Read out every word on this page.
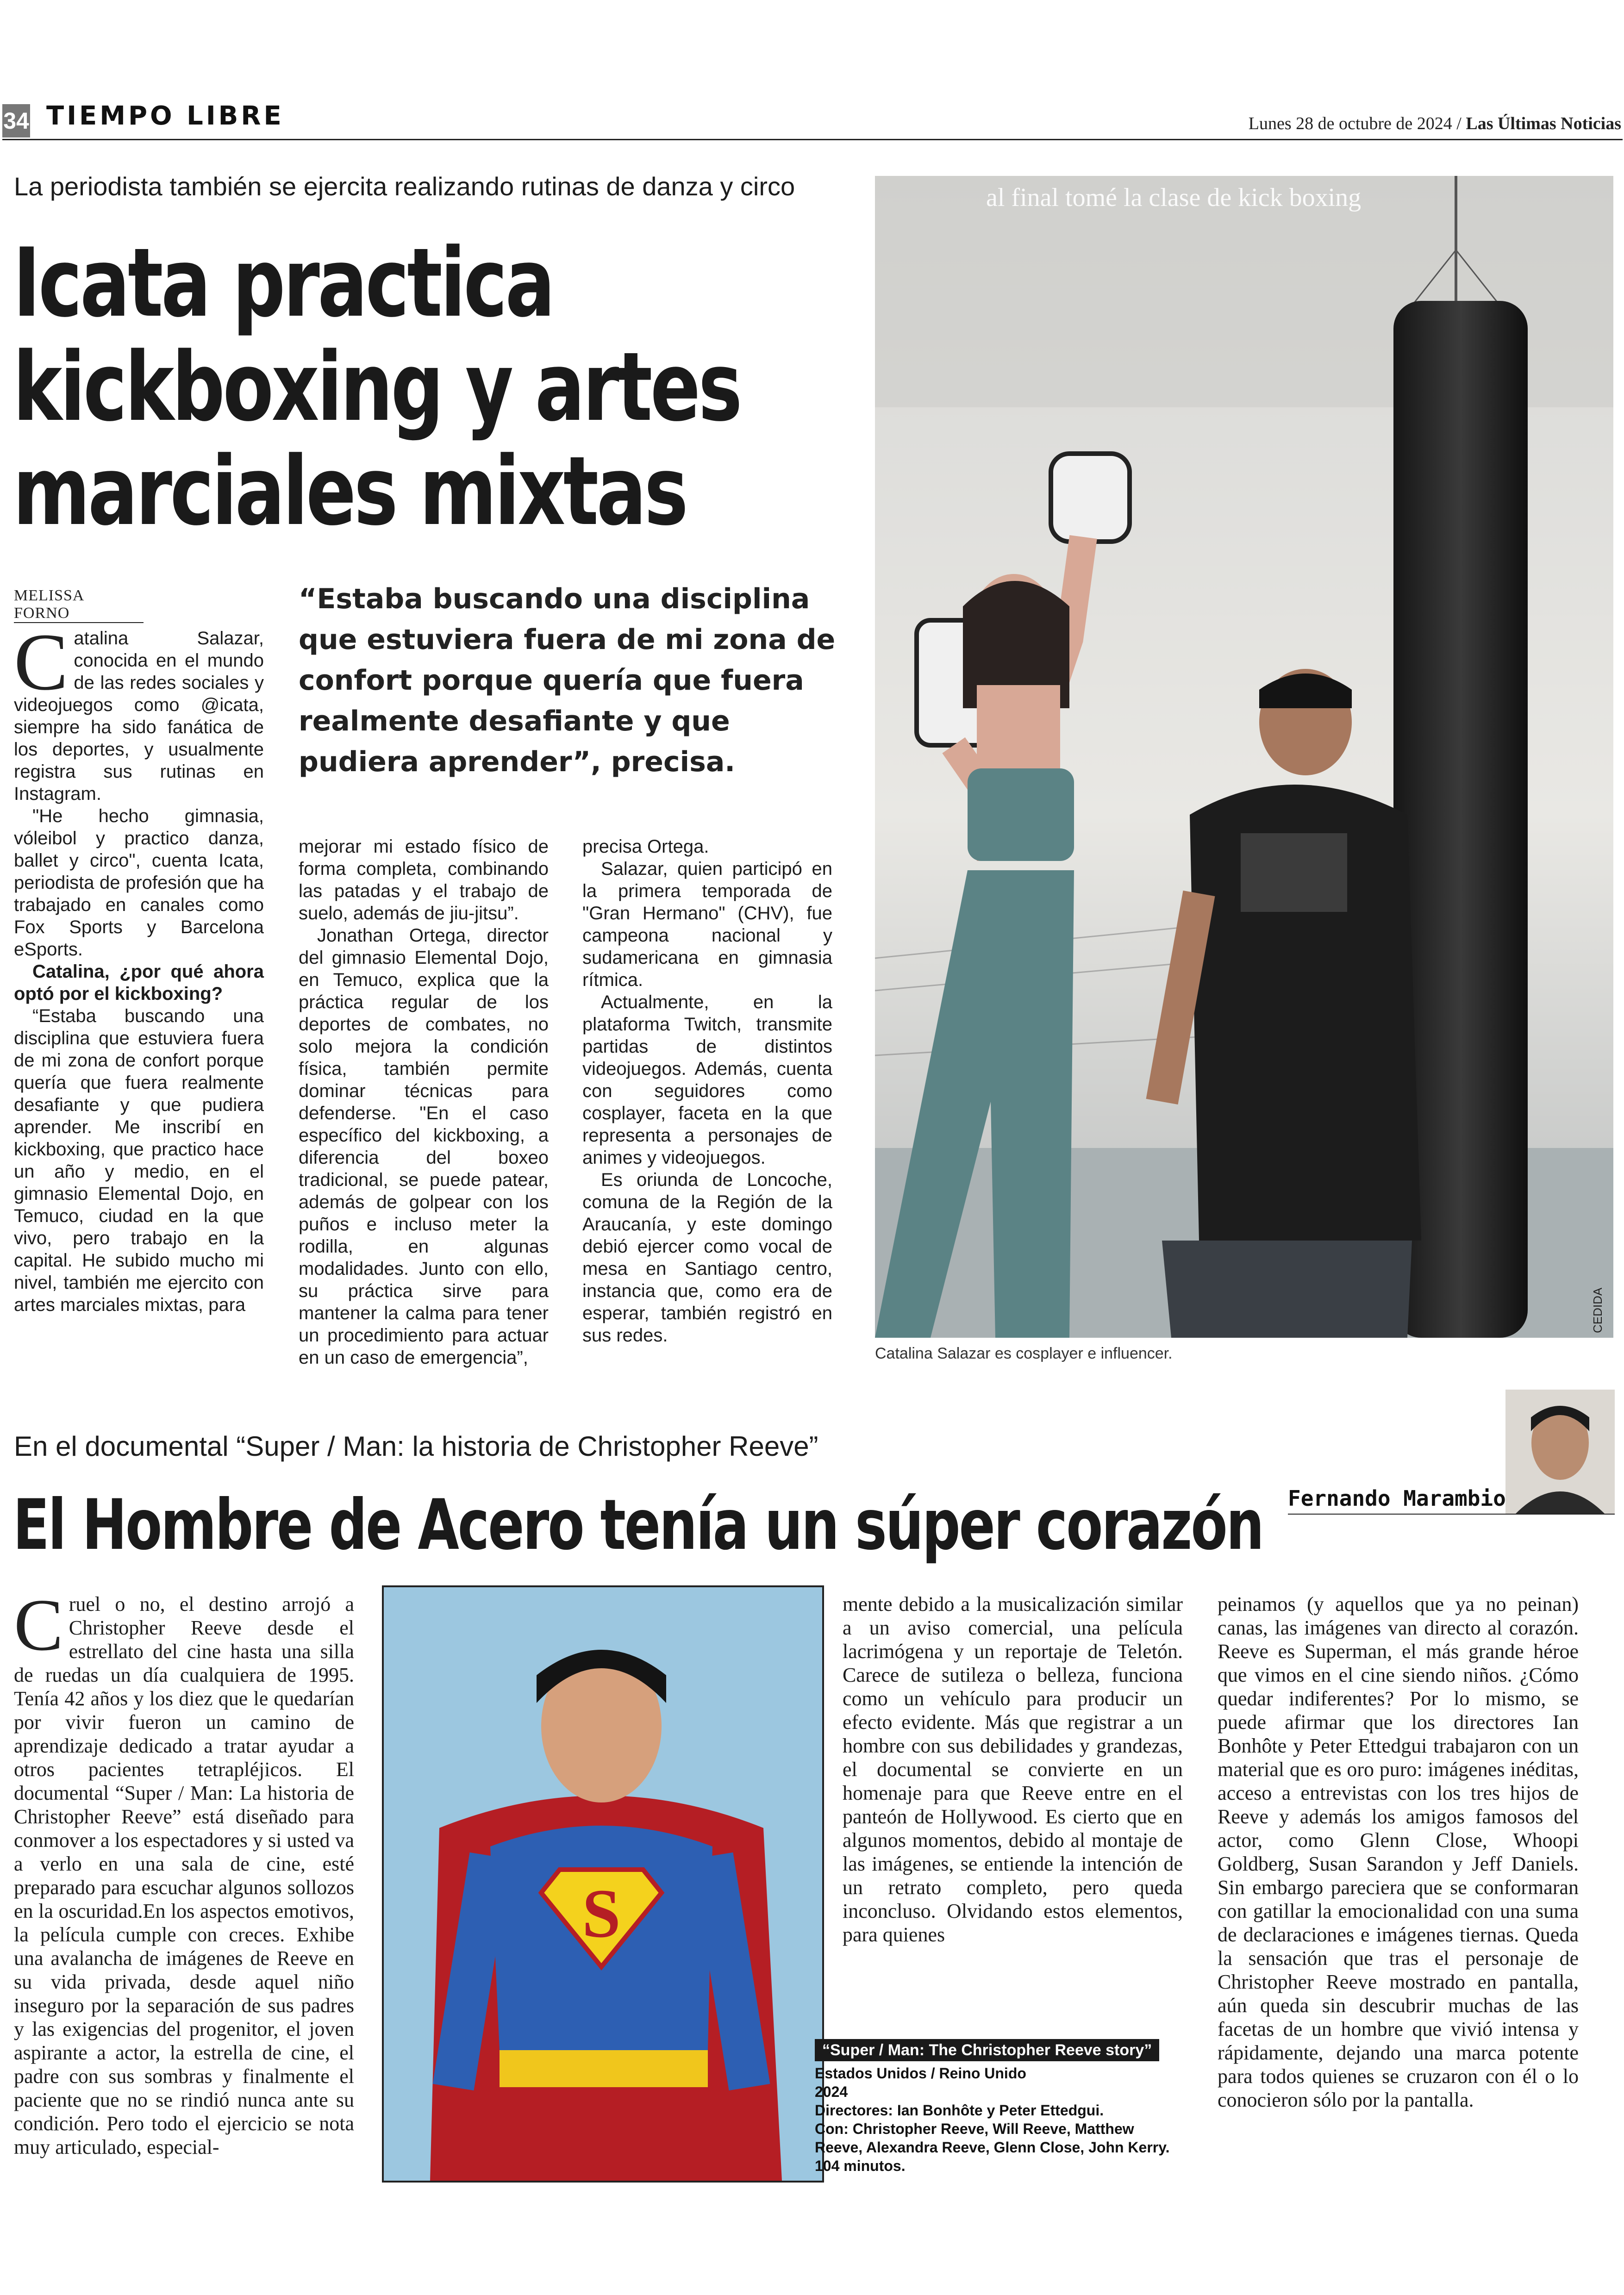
34 TIEMPO LIBRE	Lunes 28 de octubre de 2024 / Las Últimas Noticias
La periodista también se ejercita realizando rutinas de danza y circo
Icata practica
kickboxing y artes
marciales mixtas
MELISSA FORNO	“Estaba buscando una disciplina que estuviera fuera de mi zona de confort porque quería que fuera realmente desafiante y que pudiera aprender”, precisa.

Catalina Salazar, conocida en el mundo de las redes sociales y videojuegos como @icata, siempre ha sido fanática de los deportes, y usualmente registra sus rutinas en Instagram.

"He hecho gimnasia, vóleibol y practico danza, ballet y circo", cuenta Icata, periodista de profesión que ha trabajado en canales como Fox Sports y Barcelona eSports.

Catalina, ¿por qué ahora optó por el kickboxing?

“Estaba buscando una disciplina que estuviera fuera de mi zona de confort porque quería que fuera realmente desafiante y que pudiera aprender. Me inscribí en kickboxing, que practico hace un año y medio, en el gimnasio Elemental Dojo, en Temuco, ciudad en la que vivo, pero trabajo en la capital. He subido mucho mi nivel, también me ejercito con artes marciales mixtas, para

mejorar mi estado físico de forma completa, combinando las patadas y el trabajo de suelo, además de jiu-jitsu”.

Jonathan Ortega, director del gimnasio Elemental Dojo, en Temuco, explica que la práctica regular de los deportes de combates, no solo mejora la condición física, también permite dominar técnicas para defenderse. "En el caso específico del kickboxing, a diferencia del boxeo tradicional, se puede patear, además de golpear con los puños e incluso meter la rodilla, en algunas modalidades. Junto con ello, su práctica sirve para mantener la calma para tener un procedimiento para actuar en un caso de emergencia”,

precisa Ortega.

Salazar, quien participó en la primera temporada de "Gran Hermano" (CHV), fue campeona nacional y sudamericana en gimnasia rítmica.

Actualmente, en la plataforma Twitch, transmite partidas de distintos videojuegos. Además, cuenta con seguidores como cosplayer, faceta en la que representa a personajes de animes y videojuegos.

Es oriunda de Loncoche, comuna de la Región de la Araucanía, y este domingo debió ejercer como vocal de mesa en Santiago centro, instancia que, como era de esperar, también registró en sus redes.

al final tomé la clase de kick boxing
CEDIDA
Catalina Salazar es cosplayer e influencer.
En el documental “Super / Man: la historia de Christopher Reeve”
El Hombre de Acero tenía un súper corazón Fernando Marambio

Cruel o no, el destino arrojó a Christopher Reeve desde el estrellato del cine hasta una silla de ruedas un día cualquiera de 1995. Tenía 42 años y los diez que le quedarían por vivir fueron un camino de aprendizaje dedicado a tratar ayudar a otros pacientes tetrapléjicos. El documental “Super / Man: La historia de Christopher Reeve” está diseñado para conmover a los espectadores y si usted va a verlo en una sala de cine, esté preparado para escuchar algunos sollozos en la oscuridad.En los aspectos emotivos, la película cumple con creces. Exhibe una avalancha de imágenes de Reeve en su vida privada, desde aquel niño inseguro por la separación de sus padres y las exigencias del progenitor, el joven aspirante a actor, la estrella de cine, el padre con sus sombras y finalmente el paciente que no se rindió nunca ante su condición. Pero todo el ejercicio se nota muy articulado, especial-

S

mente debido a la musicalización similar a un aviso comercial, una película lacrimógena y un reportaje de Teletón. Carece de sutileza o belleza, funciona como un vehículo para producir un efecto evidente. Más que registrar a un hombre con sus debilidades y grandezas, el documental se convierte en un homenaje para que Reeve entre en el panteón de Hollywood. Es cierto que en algunos momentos, debido al montaje de las imágenes, se entiende la intención de un retrato completo, pero queda inconcluso. Olvidando estos elementos, para quienes

“Super / Man: The Christopher Reeve story”
Estados Unidos / Reino Unido
2024
Directores: Ian Bonhôte y Peter Ettedgui.
Con: Christopher Reeve, Will Reeve, Matthew Reeve, Alexandra Reeve, Glenn Close, John Kerry.
104 minutos.

peinamos (y aquellos que ya no peinan) canas, las imágenes van directo al corazón. Reeve es Superman, el más grande héroe que vimos en el cine siendo niños. ¿Cómo quedar indiferentes? Por lo mismo, se puede afirmar que los directores Ian Bonhôte y Peter Ettedgui trabajaron con un material que es oro puro: imágenes inéditas, acceso a entrevistas con los tres hijos de Reeve y además los amigos famosos del actor, como Glenn Close, Whoopi Goldberg, Susan Sarandon y Jeff Daniels. Sin embargo pareciera que se conformaran con gatillar la emocionalidad con una suma de declaraciones e imágenes tiernas. Queda la sensación que tras el personaje de Christopher Reeve mostrado en pantalla, aún queda sin descubrir muchas de las facetas de un hombre que vivió intensa y rápidamente, dejando una marca potente para todos quienes se cruzaron con él o lo conocieron sólo por la pantalla.
